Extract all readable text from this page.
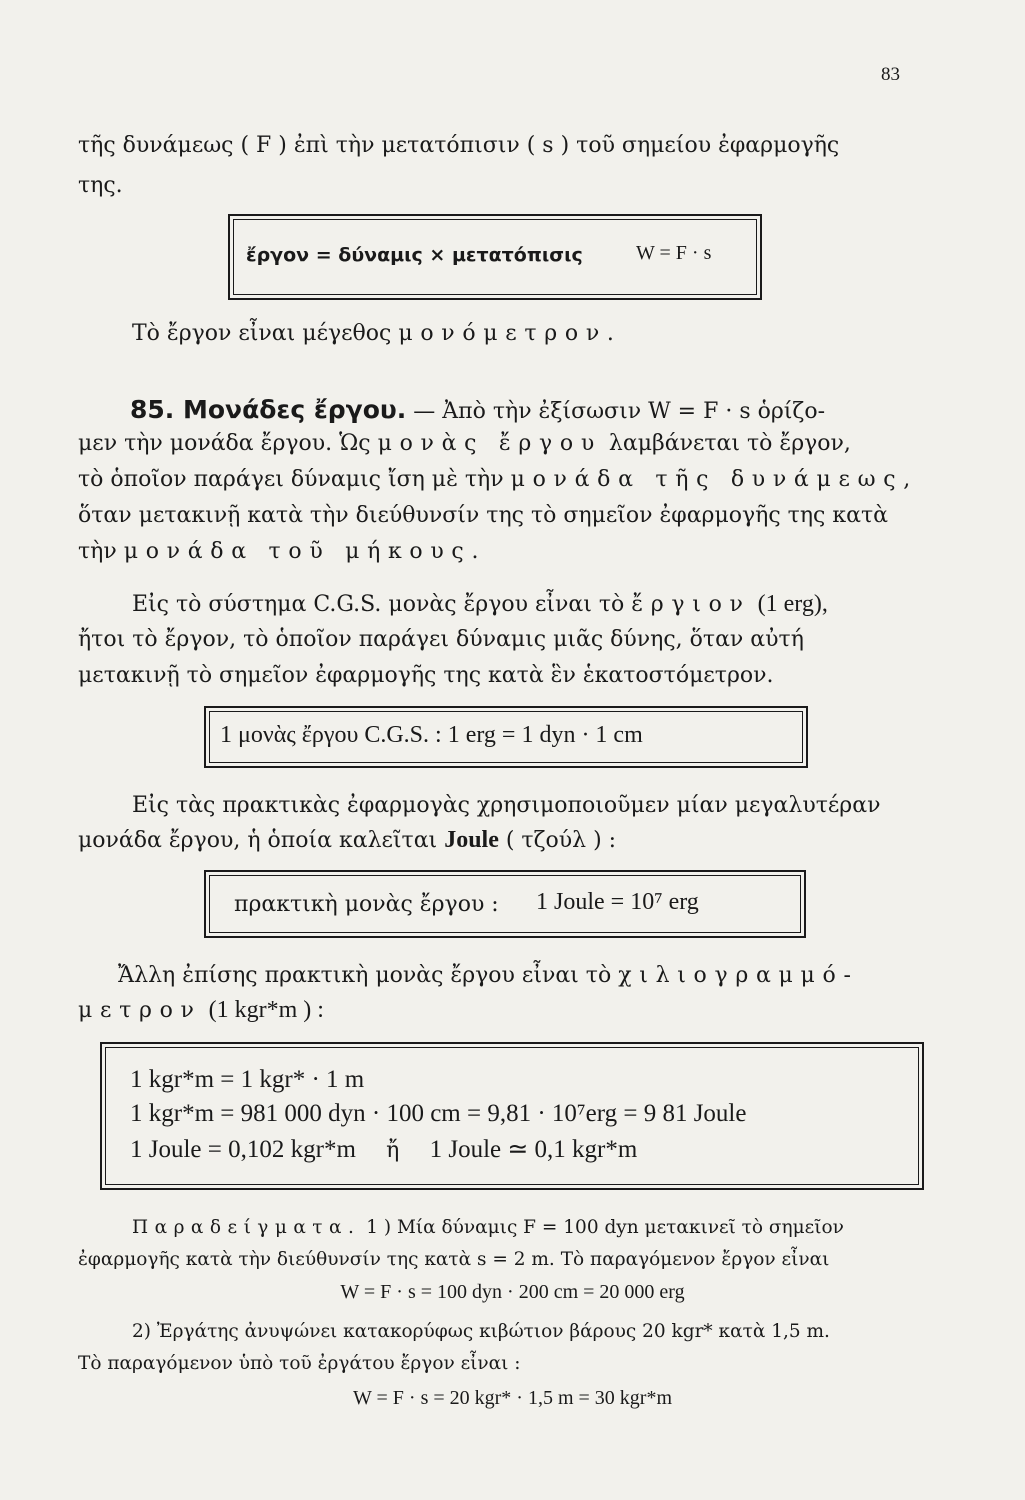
83
τῆς δυνάμεως ( F ) ἐπὶ τὴν μετατόπισιν ( s ) τοῦ σημείου ἐφαρμογῆς
της.
ἔργον = δύναμις × μετατόπισις	W = F · s
Τὸ ἔργον εἶναι μέγεθος μονόμετρον.
85. Μονάδες ἔργου. — Ἀπὸ τὴν ἐξίσωσιν W = F · s ὁρίζο-
μεν τὴν μονάδα ἔργου. Ὡς μονὰς ἔργου λαμβάνεται τὸ ἔργον,
τὸ ὁποῖον παράγει δύναμις ἴση μὲ τὴν μονάδα τῆς δυνάμεως,
ὅταν μετακινῇ κατὰ τὴν διεύθυνσίν της τὸ σημεῖον ἐφαρμογῆς της κατὰ
τὴν μονάδα τοῦ μήκους.
Εἰς τὸ σύστημα C.G.S. μονὰς ἔργου εἶναι τὸ ἔργιον (1 erg),
ἤτοι τὸ ἔργον, τὸ ὁποῖον παράγει δύναμις μιᾶς δύνης, ὅταν αὐτή
μετακινῇ τὸ σημεῖον ἐφαρμογῆς της κατὰ ἓν ἑκατοστόμετρον.
1 μονὰς ἔργου C.G.S. : 1 erg = 1 dyn · 1 cm
Εἰς τὰς πρακτικὰς ἐφαρμογὰς χρησιμοποιοῦμεν μίαν μεγαλυτέραν
μονάδα ἔργου, ἡ ὁποία καλεῖται Joule ( τζούλ ) :
πρακτικὴ μονὰς ἔργου : 1 Joule = 10⁷ erg
Ἄλλη ἐπίσης πρακτικὴ μονὰς ἔργου εἶναι τὸ χιλιογραμμό-
μετρον (1 kgr*m ) :
1 kgr*m = 1 kgr* · 1 m
1 kgr*m = 981 000 dyn · 100 cm = 9,81 · 10⁷erg = 9 81 Joule
1 Joule = 0,102 kgr*m ἤ 1 Joule ≃ 0,1 kgr*m
Παραδείγματα. 1 ) Μία δύναμις F = 100 dyn μετακινεῖ τὸ σημεῖον
ἐφαρμογῆς κατὰ τὴν διεύθυνσίν της κατὰ s = 2 m. Τὸ παραγόμενον ἔργον εἶναι
W = F · s = 100 dyn · 200 cm = 20 000 erg
2) Ἐργάτης ἀνυψώνει κατακορύφως κιβώτιον βάρους 20 kgr* κατὰ 1,5 m.
Τὸ παραγόμενον ὑπὸ τοῦ ἐργάτου ἔργον εἶναι :
W = F · s = 20 kgr* · 1,5 m = 30 kgr*m
